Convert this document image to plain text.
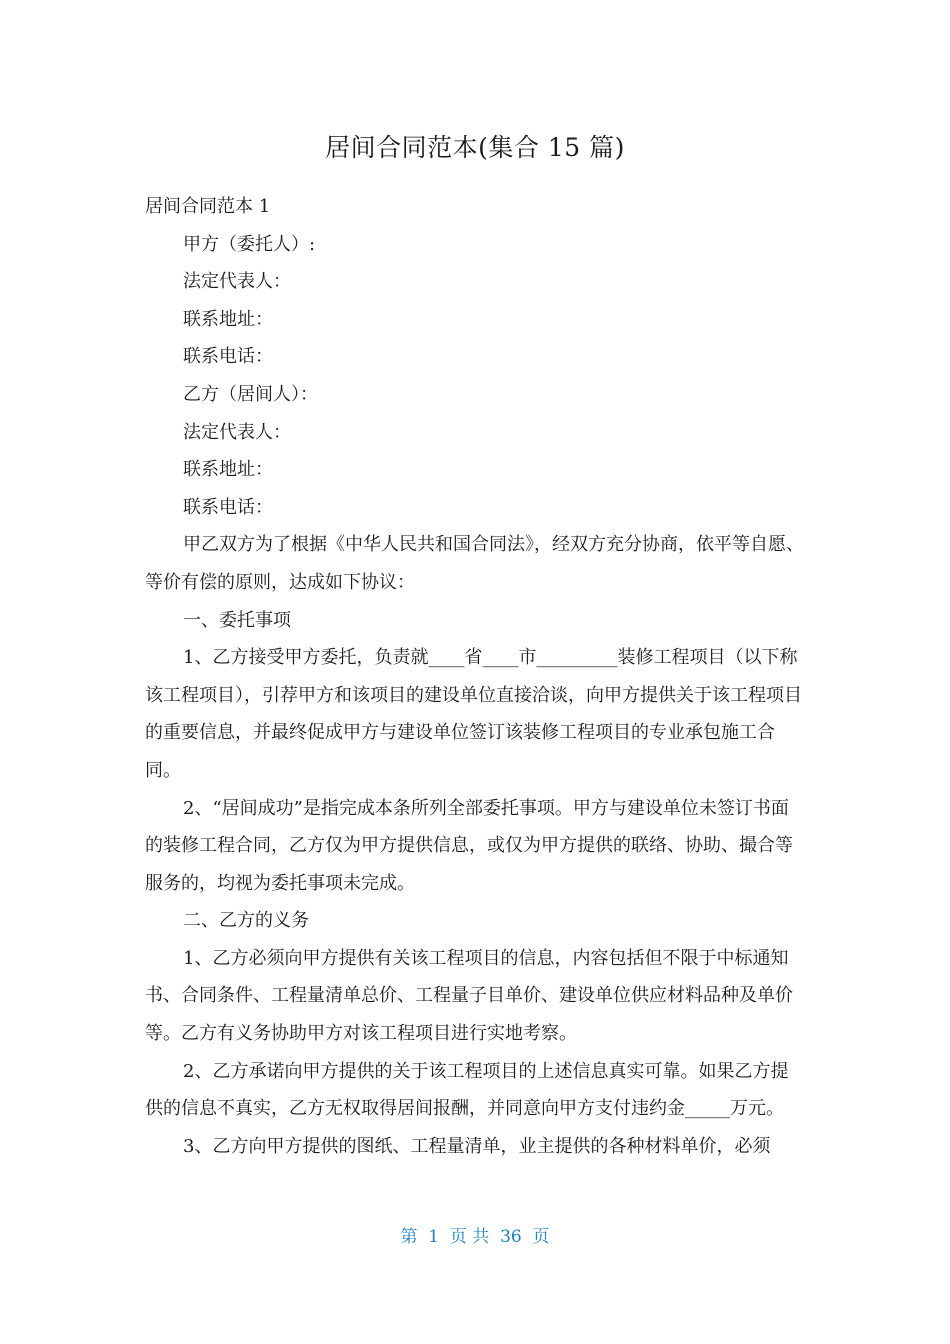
居间合同范本(集合 15 篇)

居间合同范本 1

甲方（委托人）:

法定代表人：

联系地址：

联系电话：

乙方（居间人）：

法定代表人：

联系地址：

联系电话：

甲乙双方为了根据《中华人民共和国合同法》，经双方充分协商，依平等自愿、等价有偿的原则，达成如下协议：

一、委托事项

1、乙方接受甲方委托，负责就____省____市_________装修工程项目（以下称该工程项目），引荐甲方和该项目的建设单位直接洽谈，向甲方提供关于该工程项目的重要信息，并最终促成甲方与建设单位签订该装修工程项目的专业承包施工合同。

2、“居间成功”是指完成本条所列全部委托事项。甲方与建设单位未签订书面的装修工程合同，乙方仅为甲方提供信息，或仅为甲方提供的联络、协助、撮合等服务的，均视为委托事项未完成。

二、乙方的义务

1、乙方必须向甲方提供有关该工程项目的信息，内容包括但不限于中标通知书、合同条件、工程量清单总价、工程量子目单价、建设单位供应材料品种及单价等。乙方有义务协助甲方对该工程项目进行实地考察。

2、乙方承诺向甲方提供的关于该工程项目的上述信息真实可靠。如果乙方提供的信息不真实，乙方无权取得居间报酬，并同意向甲方支付违约金_____万元。

3、乙方向甲方提供的图纸、工程量清单，业主提供的各种材料单价，必须

第  1  页 共  36  页
